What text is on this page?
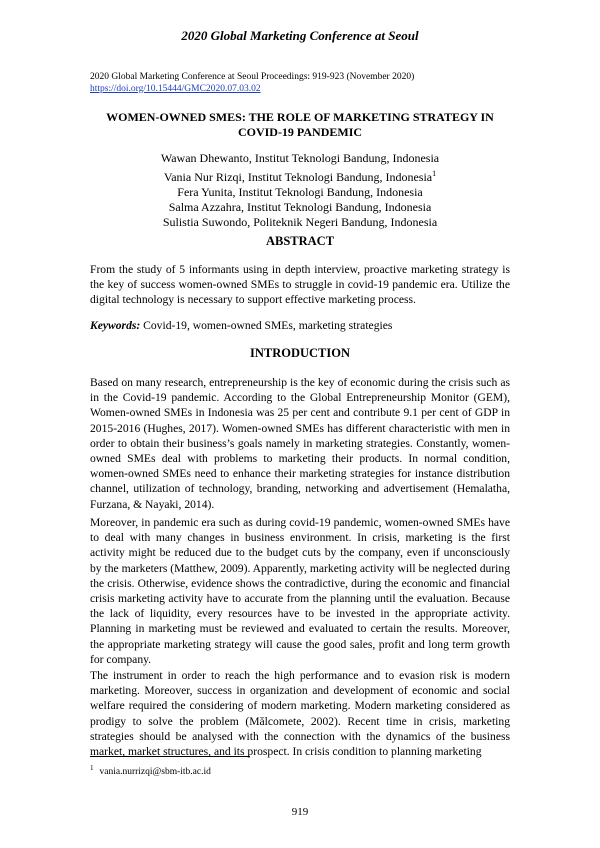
2020 Global Marketing Conference at Seoul
2020 Global Marketing Conference at Seoul Proceedings: 919-923 (November 2020)
https://doi.org/10.15444/GMC2020.07.03.02
WOMEN-OWNED SMES: THE ROLE OF MARKETING STRATEGY IN
COVID-19 PANDEMIC
Wawan Dhewanto, Institut Teknologi Bandung, Indonesia
Vania Nur Rizqi, Institut Teknologi Bandung, Indonesia$^1$
Fera Yunita, Institut Teknologi Bandung, Indonesia
Salma Azzahra, Institut Teknologi Bandung, Indonesia
Sulistia Suwondo, Politeknik Negeri Bandung, Indonesia
ABSTRACT
From the study of 5 informants using in depth interview, proactive marketing strategy is the key of success women-owned SMEs to struggle in covid-19 pandemic era. Utilize the digital technology is necessary to support effective marketing process.
Keywords: Covid-19, women-owned SMEs, marketing strategies
INTRODUCTION
Based on many research, entrepreneurship is the key of economic during the crisis such as in the Covid-19 pandemic. According to the Global Entrepreneurship Monitor (GEM), Women-owned SMEs in Indonesia was 25 per cent and contribute 9.1 per cent of GDP in 2015-2016 (Hughes, 2017). Women-owned SMEs has different characteristic with men in order to obtain their business’s goals namely in marketing strategies. Constantly, women-owned SMEs deal with problems to marketing their products. In normal condition, women-owned SMEs need to enhance their marketing strategies for instance distribution channel, utilization of technology, branding, networking and advertisement (Hemalatha, Furzana, & Nayaki, 2014).
Moreover, in pandemic era such as during covid-19 pandemic, women-owned SMEs have to deal with many changes in business environment. In crisis, marketing is the first activity might be reduced due to the budget cuts by the company, even if unconsciously by the marketers (Matthew, 2009). Apparently, marketing activity will be neglected during the crisis. Otherwise, evidence shows the contradictive, during the economic and financial crisis marketing activity have to accurate from the planning until the evaluation. Because the lack of liquidity, every resources have to be invested in the appropriate activity. Planning in marketing must be reviewed and evaluated to certain the results. Moreover, the appropriate marketing strategy will cause the good sales, profit and long term growth for company.
The instrument in order to reach the high performance and to evasion risk is modern marketing. Moreover, success in organization and development of economic and social welfare required the considering of modern marketing. Modern marketing considered as prodigy to solve the problem (Mălcomete, 2002). Recent time in crisis, marketing strategies should be analysed with the connection with the dynamics of the business market, market structures, and its prospect. In crisis condition to planning marketing
$^1$ vania.nurrizqi@sbm-itb.ac.id
919
